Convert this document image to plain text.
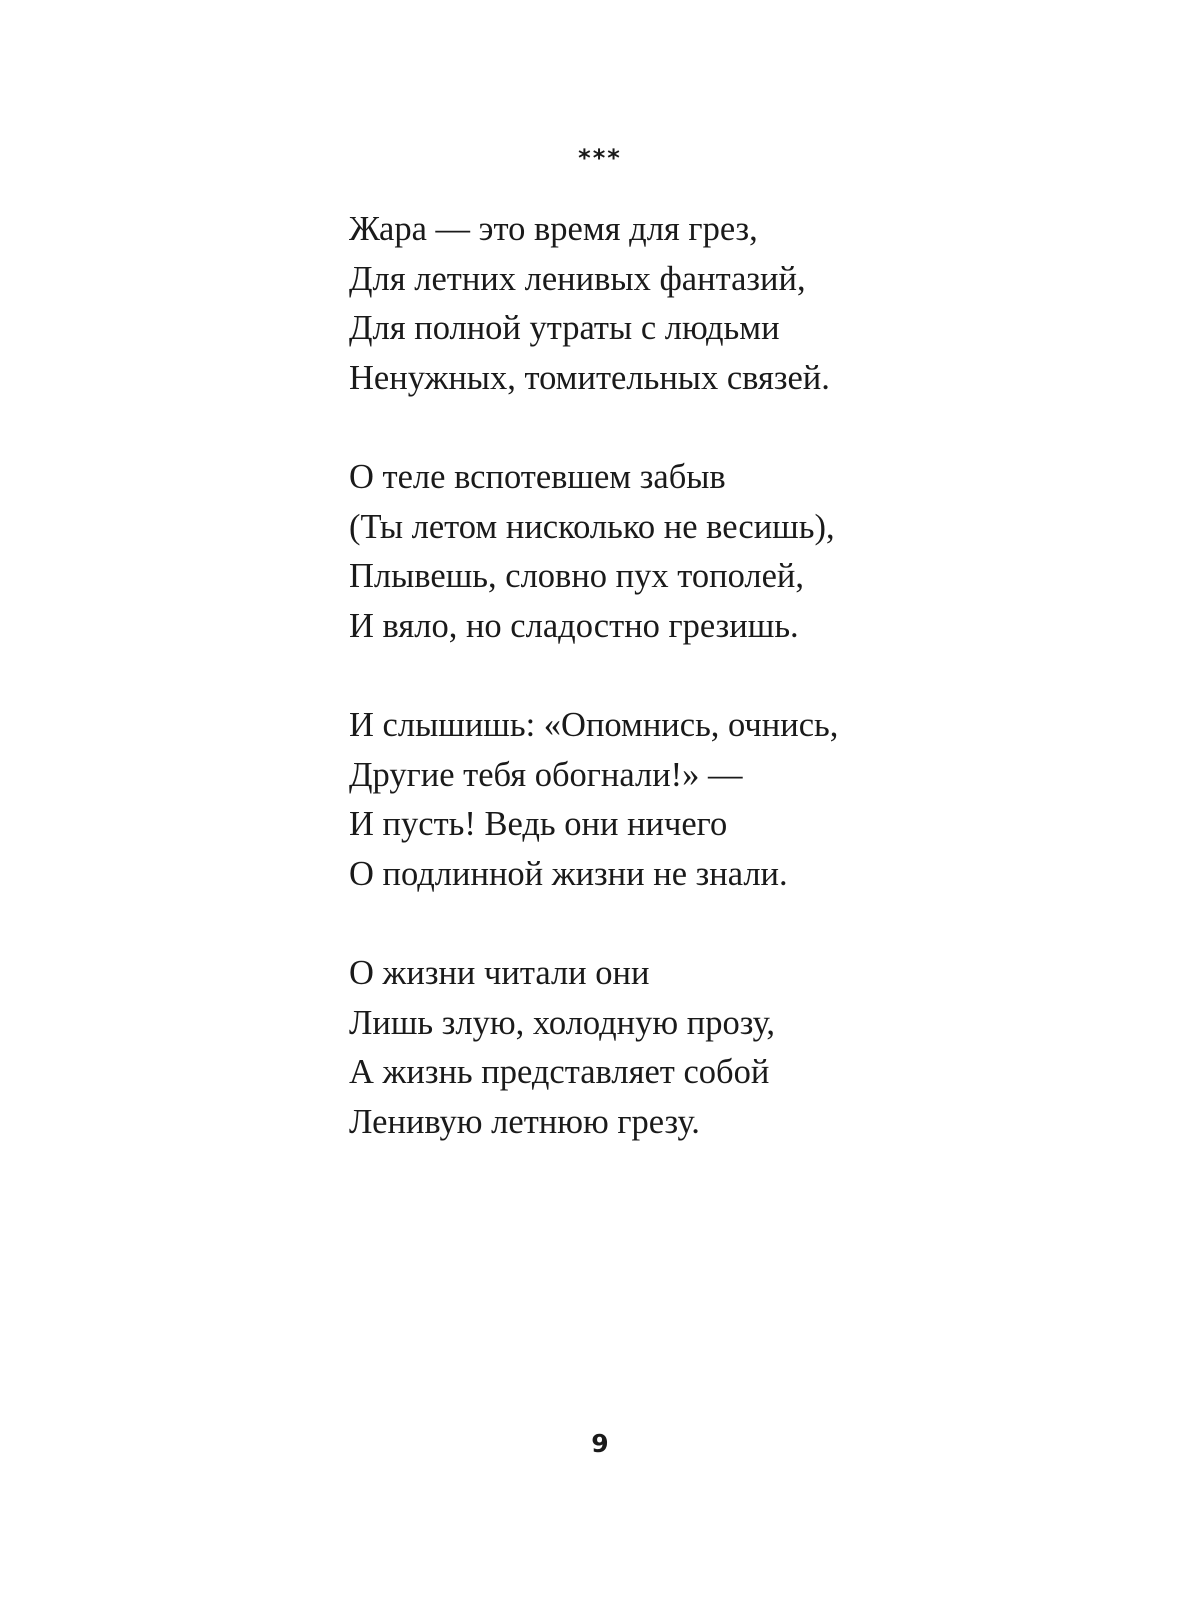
***
Жара — это время для грез,
Для летних ленивых фантазий,
Для полной утраты с людьми
Ненужных, томительных связей.
О теле вспотевшем забыв
(Ты летом нисколько не весишь),
Плывешь, словно пух тополей,
И вяло, но сладостно грезишь.
И слышишь: «Опомнись, очнись,
Другие тебя обогнали!» —
И пусть! Ведь они ничего
О подлинной жизни не знали.
О жизни читали они
Лишь злую, холодную прозу,
А жизнь представляет собой
Ленивую летнюю грезу.
9
